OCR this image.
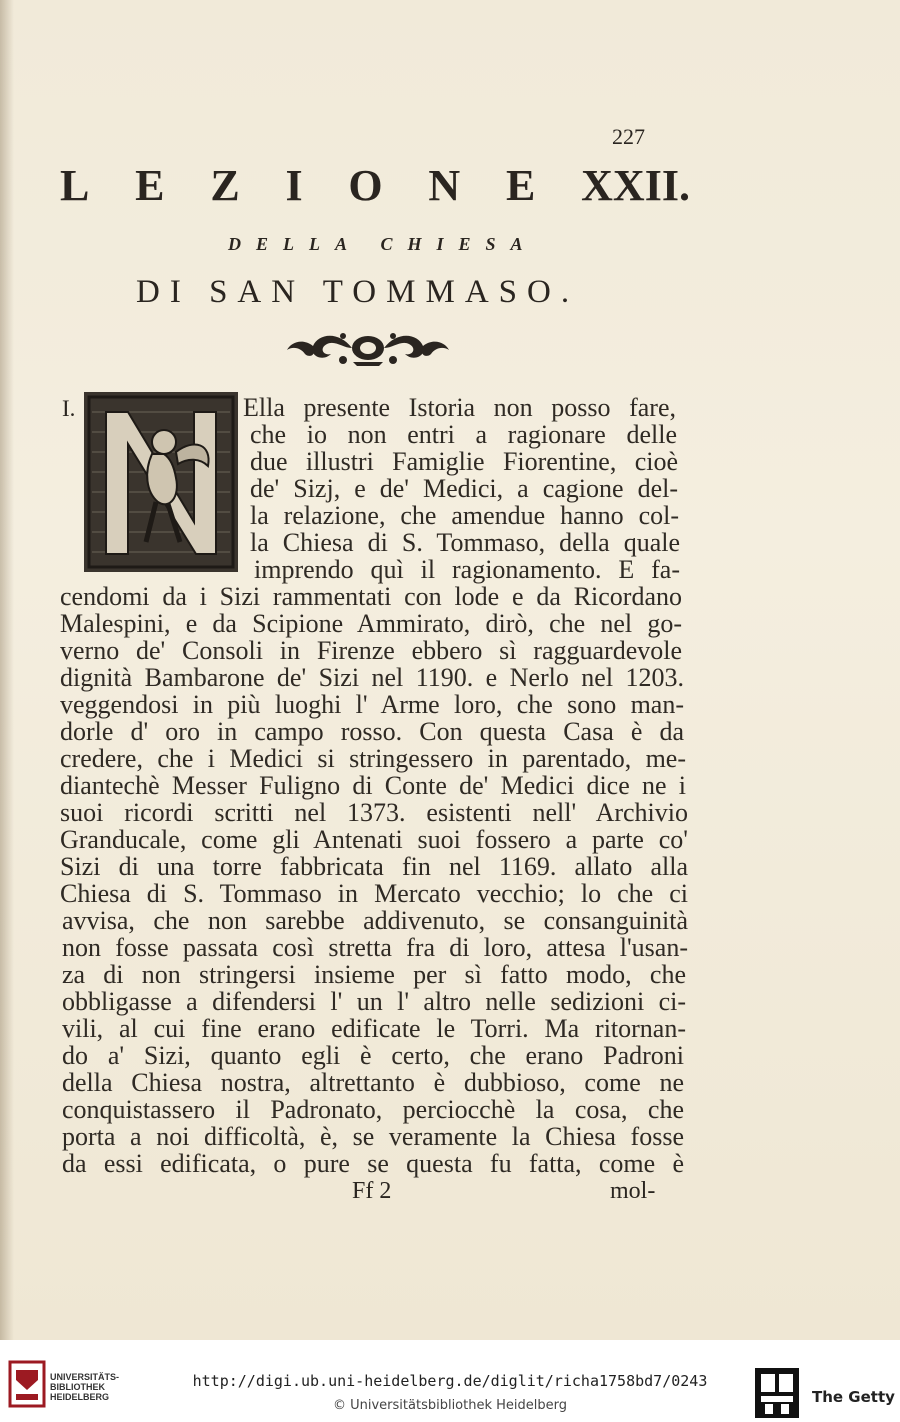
227
L E Z I O N E XXII.
DELLA CHIESA
DI SAN TOMMASO.
I.	Ella presente Istoria non posso fare,
che io non entri a ragionare delle
due illustri Famiglie Fiorentine, cioè
de' Sizj, e de' Medici, a cagione del-
la relazione, che amendue hanno col-
la Chiesa di S. Tommaso, della quale
imprendo quì il ragionamento. E fa-
cendomi da i Sizi rammentati con lode e da Ricordano
Malespini, e da Scipione Ammirato, dirò, che nel go-
verno de' Consoli in Firenze ebbero sì ragguardevole
dignità Bambarone de' Sizi nel 1190. e Nerlo nel 1203.
veggendosi in più luoghi l' Arme loro, che sono man-
dorle d' oro in campo rosso. Con questa Casa è da
credere, che i Medici si stringessero in parentado, me-
diantechè Messer Fuligno di Conte de' Medici dice ne i
suoi ricordi scritti nel 1373. esistenti nell' Archivio
Granducale, come gli Antenati suoi fossero a parte co'
Sizi di una torre fabbricata fin nel 1169. allato alla
Chiesa di S. Tommaso in Mercato vecchio; lo che ci
avvisa, che non sarebbe addivenuto, se consanguinità
non fosse passata così stretta fra di loro, attesa l'usan-
za di non stringersi insieme per sì fatto modo, che
obbligasse a difendersi l' un l' altro nelle sedizioni ci-
vili, al cui fine erano edificate le Torri. Ma ritornan-
do a' Sizi, quanto egli è certo, che erano Padroni
della Chiesa nostra, altrettanto è dubbioso, come ne
conquistassero il Padronato, perciocchè la cosa, che
porta a noi difficoltà, è, se veramente la Chiesa fosse
da essi edificata, o pure se questa fu fatta, come è
Ff 2	mol-
UNIVERSITÄTS-
BIBLIOTHEK
HEIDELBERG
http://digi.ub.uni-heidelberg.de/diglit/richa1758bd7/0243
© Universitätsbibliothek Heidelberg	The Getty
